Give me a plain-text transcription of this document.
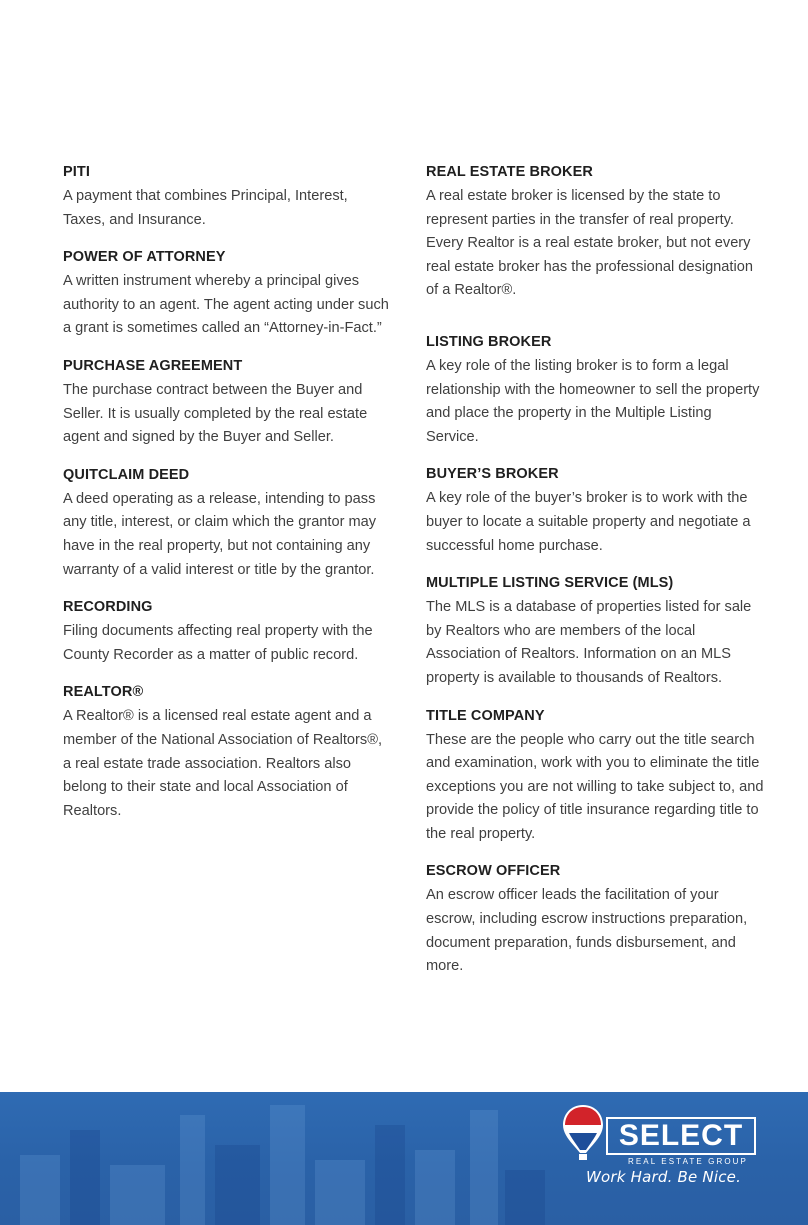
PITI

A payment that combines Principal, Interest, Taxes, and Insurance.

POWER OF ATTORNEY

A written instrument whereby a principal gives authority to an agent. The agent acting under such a grant is sometimes called an “Attorney-in-Fact.”

PURCHASE AGREEMENT

The purchase contract between the Buyer and Seller. It is usually completed by the real estate agent and signed by the Buyer and Seller.

QUITCLAIM DEED

A deed operating as a release, intending to pass any title, interest, or claim which the grantor may have in the real property, but not containing any warranty of a valid interest or title by the grantor.

RECORDING

Filing documents affecting real property with the County Recorder as a matter of public record.

REALTOR®

A Realtor® is a licensed real estate agent and a member of the National Association of Realtors®, a real estate trade association. Realtors also belong to their state and local Association of Realtors.

REAL ESTATE BROKER

A real estate broker is licensed by the state to represent parties in the transfer of real property. Every Realtor is a real estate broker, but not every real estate broker has the professional designation of a Realtor®.

LISTING BROKER

A key role of the listing broker is to form a legal relationship with the homeowner to sell the property and place the property in the Multiple Listing Service.

BUYER’S BROKER

A key role of the buyer’s broker is to work with the buyer to locate a suitable property and negotiate a successful home purchase.

MULTIPLE LISTING SERVICE (MLS)

The MLS is a database of properties listed for sale by Realtors who are members of the local Association of Realtors. Information on an MLS property is available to thousands of Realtors.

TITLE COMPANY

These are the people who carry out the title search and examination, work with you to eliminate the title exceptions you are not willing to take subject to, and provide the policy of title insurance regarding title to the real property.

ESCROW OFFICER

An escrow officer leads the facilitation of your escrow, including escrow instructions preparation, document preparation, funds disbursement, and more.

RE/MAX SELECT
REAL ESTATE GROUP
Work Hard. Be Nice.
